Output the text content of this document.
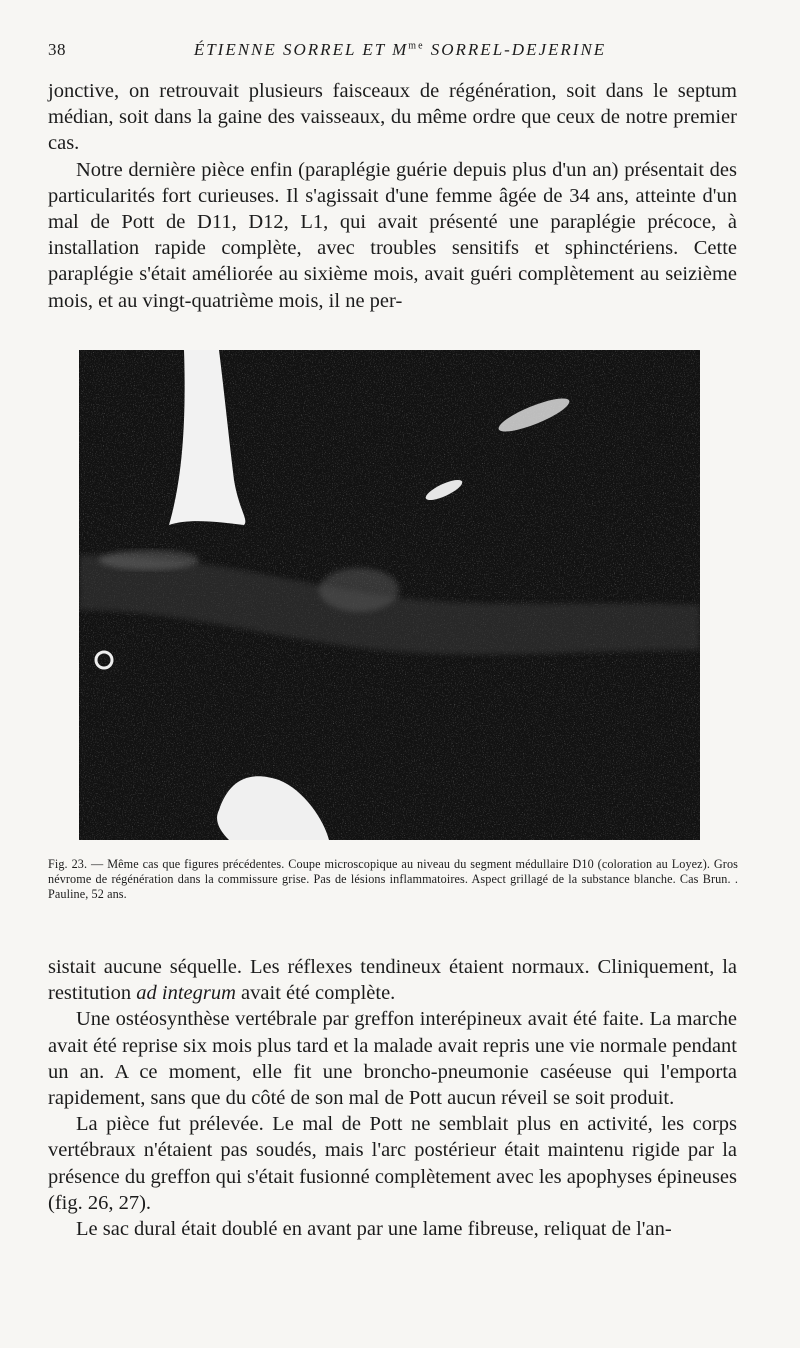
38	ÉTIENNE SORREL ET $M^{me}$ SORREL-DEJERINE

jonctive, on retrouvait plusieurs faisceaux de régénération, soit dans le septum médian, soit dans la gaine des vaisseaux, du même ordre que ceux de notre premier cas.

Notre dernière pièce enfin (paraplégie guérie depuis plus d'un an) présentait des particularités fort curieuses. Il s'agissait d'une femme âgée de 34 ans, atteinte d'un mal de Pott de D11, D12, L1, qui avait présenté une paraplégie précoce, à installation rapide complète, avec troubles sensitifs et sphinctériens. Cette paraplégie s'était améliorée au sixième mois, avait guéri complètement au seizième mois, et au vingt-quatrième mois, il ne per-

Fig. 23. — Même cas que figures précédentes. Coupe microscopique au niveau du segment médullaire D10 (coloration au Loyez). Gros névrome de régénération dans la commissure grise. Pas de lésions inflammatoires. Aspect grillagé de la substance blanche. Cas Brun. . Pauline, 52 ans.

sistait aucune séquelle. Les réflexes tendineux étaient normaux. Cliniquement, la restitution ad integrum avait été complète.

Une ostéosynthèse vertébrale par greffon interépineux avait été faite. La marche avait été reprise six mois plus tard et la malade avait repris une vie normale pendant un an. A ce moment, elle fit une broncho-pneumonie caséeuse qui l'emporta rapidement, sans que du côté de son mal de Pott aucun réveil se soit produit.

La pièce fut prélevée. Le mal de Pott ne semblait plus en activité, les corps vertébraux n'étaient pas soudés, mais l'arc postérieur était maintenu rigide par la présence du greffon qui s'était fusionné complètement avec les apophyses épineuses (fig. 26, 27).

Le sac dural était doublé en avant par une lame fibreuse, reliquat de l'an-
